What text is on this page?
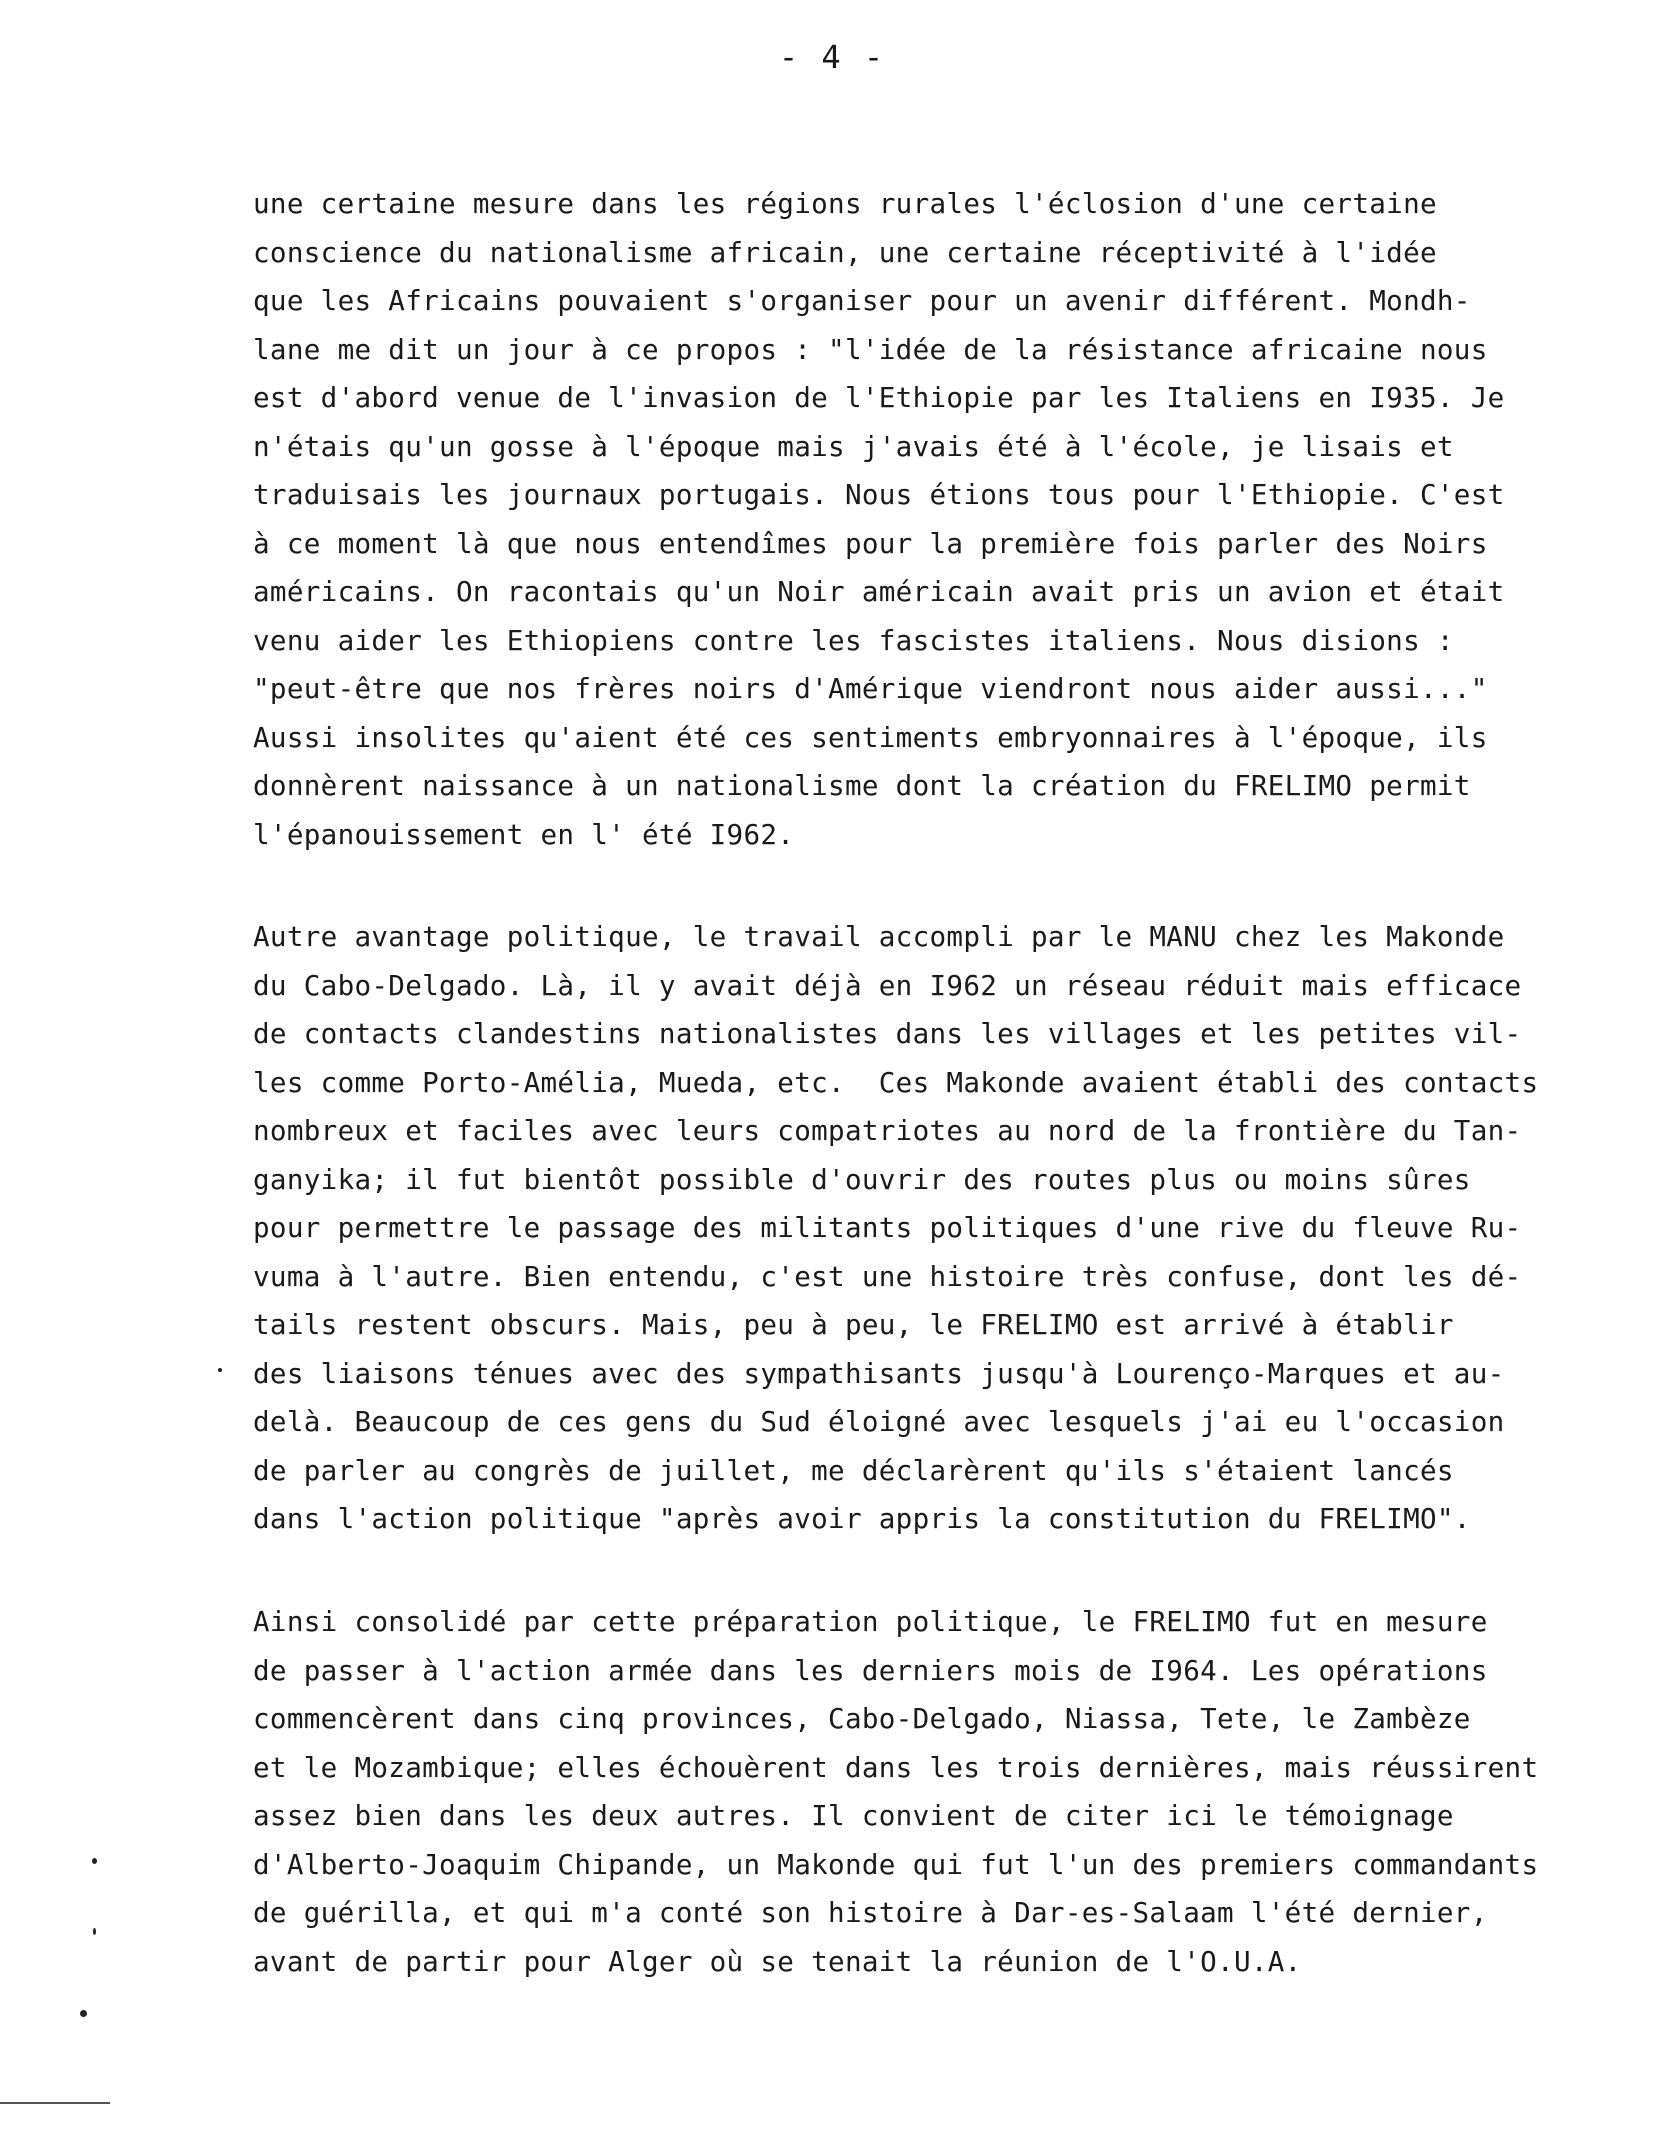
- 4 -
une certaine mesure dans les régions rurales l'éclosion d'une certaine
conscience du nationalisme africain, une certaine réceptivité à l'idée
que les Africains pouvaient s'organiser pour un avenir différent. Mondh-
lane me dit un jour à ce propos : "l'idée de la résistance africaine nous
est d'abord venue de l'invasion de l'Ethiopie par les Italiens en I935. Je
n'étais qu'un gosse à l'époque mais j'avais été à l'école, je lisais et
traduisais les journaux portugais. Nous étions tous pour l'Ethiopie. C'est
à ce moment là que nous entendîmes pour la première fois parler des Noirs
américains. On racontais qu'un Noir américain avait pris un avion et était
venu aider les Ethiopiens contre les fascistes italiens. Nous disions :
"peut-être que nos frères noirs d'Amérique viendront nous aider aussi..."
Aussi insolites qu'aient été ces sentiments embryonnaires à l'époque, ils
donnèrent naissance à un nationalisme dont la création du FRELIMO permit
l'épanouissement en l' été I962.
Autre avantage politique, le travail accompli par le MANU chez les Makonde
du Cabo-Delgado. Là, il y avait déjà en I962 un réseau réduit mais efficace
de contacts clandestins nationalistes dans les villages et les petites vil-
les comme Porto-Amélia, Mueda, etc.  Ces Makonde avaient établi des contacts
nombreux et faciles avec leurs compatriotes au nord de la frontière du Tan-
ganyika; il fut bientôt possible d'ouvrir des routes plus ou moins sûres
pour permettre le passage des militants politiques d'une rive du fleuve Ru-
vuma à l'autre. Bien entendu, c'est une histoire très confuse, dont les dé-
tails restent obscurs. Mais, peu à peu, le FRELIMO est arrivé à établir
des liaisons ténues avec des sympathisants jusqu'à Lourenço-Marques et au-
delà. Beaucoup de ces gens du Sud éloigné avec lesquels j'ai eu l'occasion
de parler au congrès de juillet, me déclarèrent qu'ils s'étaient lancés
dans l'action politique "après avoir appris la constitution du FRELIMO".
Ainsi consolidé par cette préparation politique, le FRELIMO fut en mesure
de passer à l'action armée dans les derniers mois de I964. Les opérations
commencèrent dans cinq provinces, Cabo-Delgado, Niassa, Tete, le Zambèze
et le Mozambique; elles échouèrent dans les trois dernières, mais réussirent
assez bien dans les deux autres. Il convient de citer ici le témoignage
d'Alberto-Joaquim Chipande, un Makonde qui fut l'un des premiers commandants
de guérilla, et qui m'a conté son histoire à Dar-es-Salaam l'été dernier,
avant de partir pour Alger où se tenait la réunion de l'O.U.A.
